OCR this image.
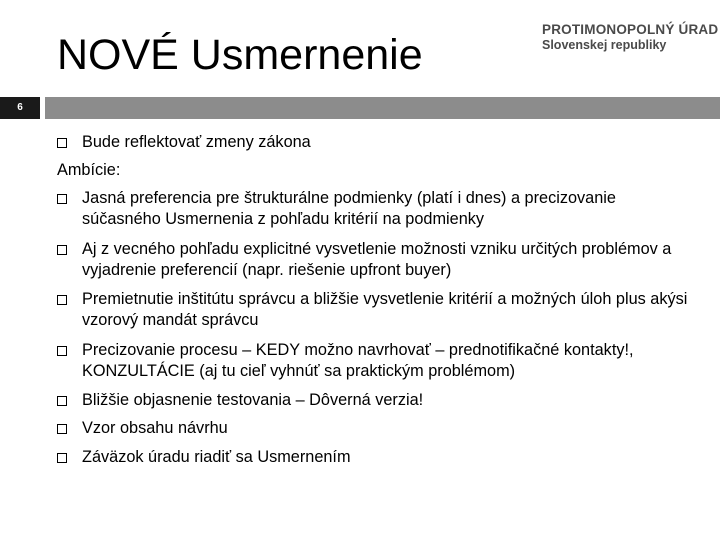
NOVÉ Usmernenie
PROTIMONOPOLNÝ ÚRAD
Slovenskej republiky
6
Bude reflektovať zmeny zákona
Ambície:
Jasná preferencia pre štrukturálne podmienky (platí i dnes) a precizovanie súčasného Usmernenia z pohľadu kritérií na podmienky
Aj z vecného pohľadu explicitné vysvetlenie možnosti vzniku určitých problémov a vyjadrenie preferencií (napr. riešenie upfront buyer)
Premietnutie inštitútu správcu a bližšie vysvetlenie kritérií a možných úloh plus akýsi vzorový mandát správcu
Precizovanie procesu – KEDY možno navrhovať – prednotifikačné kontakty!, KONZULTÁCIE (aj tu cieľ vyhnúť sa praktickým problémom)
Bližšie objasnenie testovania – Dôverná verzia!
Vzor obsahu návrhu
Záväzok úradu riadiť sa Usmernením
